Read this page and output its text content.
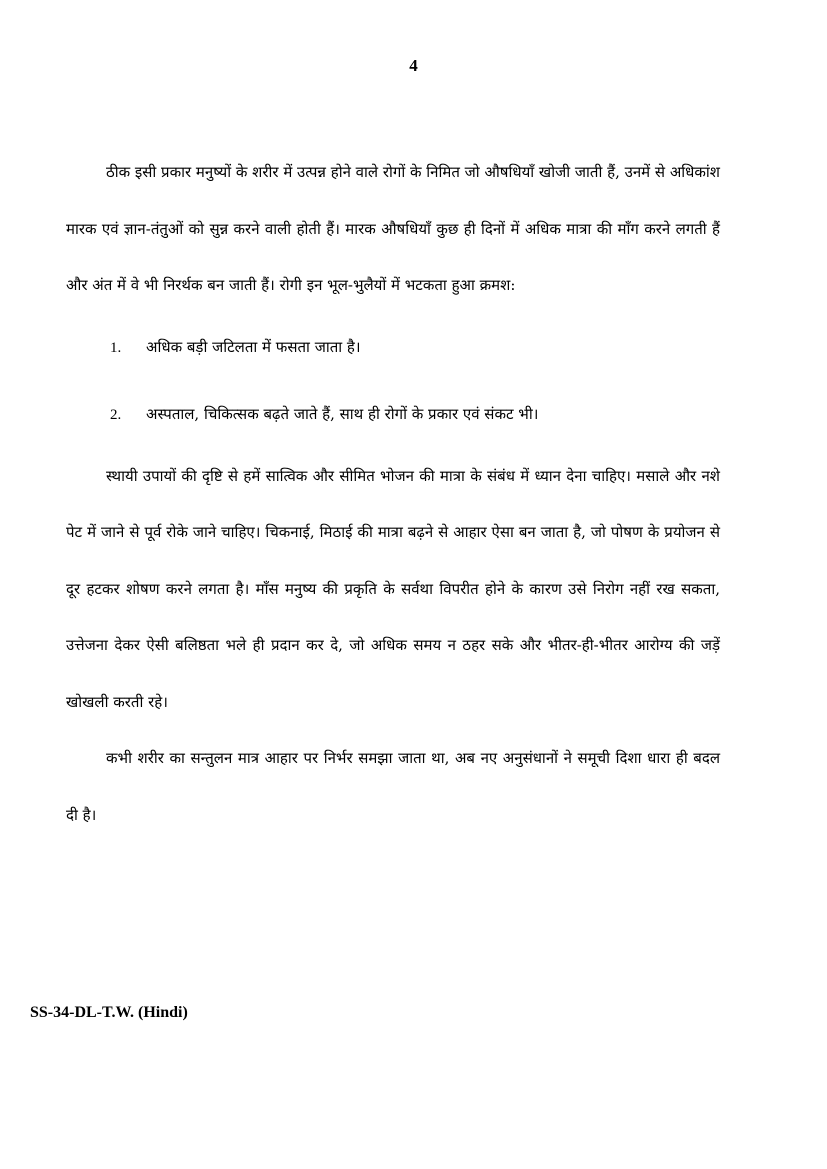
4

ठीक इसी प्रकार मनुष्यों के शरीर में उत्पन्न होने वाले रोगों के निमित जो औषधियाँ खोजी जाती हैं, उनमें से अधिकांश मारक एवं ज्ञान-तंतुओं को सुन्न करने वाली होती हैं। मारक औषधियाँ कुछ ही दिनों में अधिक मात्रा की माँग करने लगती हैं और अंत में वे भी निरर्थक बन जाती हैं। रोगी इन भूल-भुलैयों में भटकता हुआ क्रमश:

1. अधिक बड़ी जटिलता में फसता जाता है।
2. अस्पताल, चिकित्सक बढ़ते जाते हैं, साथ ही रोगों के प्रकार एवं संकट भी।

स्थायी उपायों की दृष्टि से हमें सात्विक और सीमित भोजन की मात्रा के संबंध में ध्यान देना चाहिए। मसाले और नशे पेट में जाने से पूर्व रोके जाने चाहिए। चिकनाई, मिठाई की मात्रा बढ़ने से आहार ऐसा बन जाता है, जो पोषण के प्रयोजन से दूर हटकर शोषण करने लगता है। माँस मनुष्य की प्रकृति के सर्वथा विपरीत होने के कारण उसे निरोग नहीं रख सकता, उत्तेजना देकर ऐसी बलिष्ठता भले ही प्रदान कर दे, जो अधिक समय न ठहर सके और भीतर-ही-भीतर आरोग्य की जड़ें खोखली करती रहे।

कभी शरीर का सन्तुलन मात्र आहार पर निर्भर समझा जाता था, अब नए अनुसंधानों ने समूची दिशा धारा ही बदल दी है।

SS-34-DL-T.W. (Hindi)
